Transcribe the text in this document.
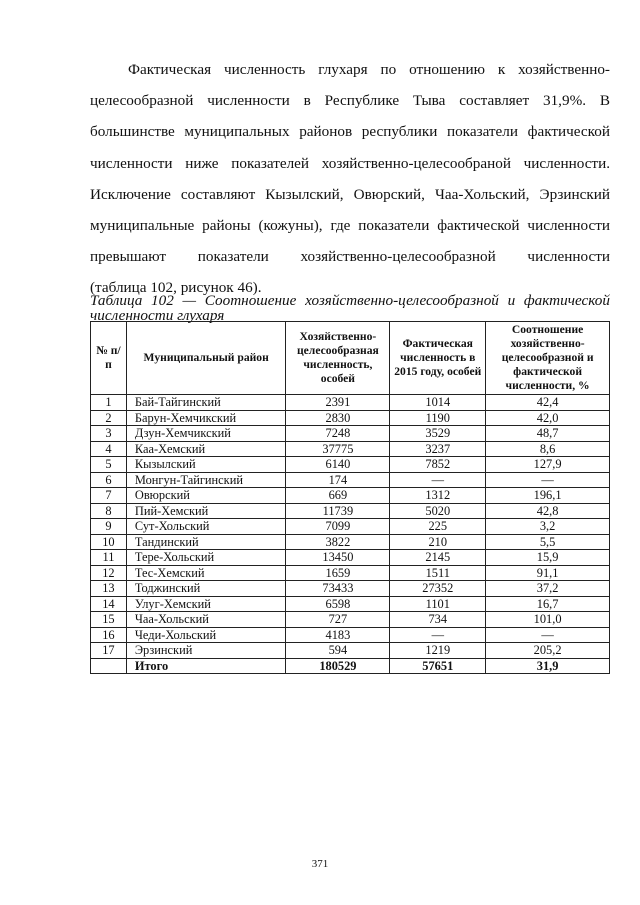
Фактическая численность глухаря по отношению к хозяйственно-
целесообразной численности в Республике Тыва составляет 31,9%. В
большинстве муниципальных районов республики показатели фактической
численности ниже показателей хозяйственно-целесообраной численности.
Исключение составляют Кызылский, Овюрский, Чаа-Хольский, Эрзинский
муниципальные районы (кожуны), где показатели фактической численности
превышают показатели хозяйственно-целесообразной численности
(таблица 102, рисунок 46).
Таблица 102 — Соотношение хозяйственно-целесообразной и фактической
численности глухаря
№ п/п	Муниципальный район	Хозяйственно-целесообразная численность, особей	Фактическая численность в 2015 году, особей	Соотношение хозяйственно-целесообразной и фактической численности, %
1	Бай-Тайгинский	2391	1014	42,4
2	Барун-Хемчикский	2830	1190	42,0
3	Дзун-Хемчикский	7248	3529	48,7
4	Каа-Хемский	37775	3237	8,6
5	Кызылский	6140	7852	127,9
6	Монгун-Тайгинский	174	—	—
7	Овюрский	669	1312	196,1
8	Пий-Хемский	11739	5020	42,8
9	Сут-Хольский	7099	225	3,2
10	Тандинский	3822	210	5,5
11	Тере-Хольский	13450	2145	15,9
12	Тес-Хемский	1659	1511	91,1
13	Тоджинский	73433	27352	37,2
14	Улуг-Хемский	6598	1101	16,7
15	Чаа-Хольский	727	734	101,0
16	Чеди-Хольский	4183	—	—
17	Эрзинский	594	1219	205,2
	Итого	180529	57651	31,9
371
